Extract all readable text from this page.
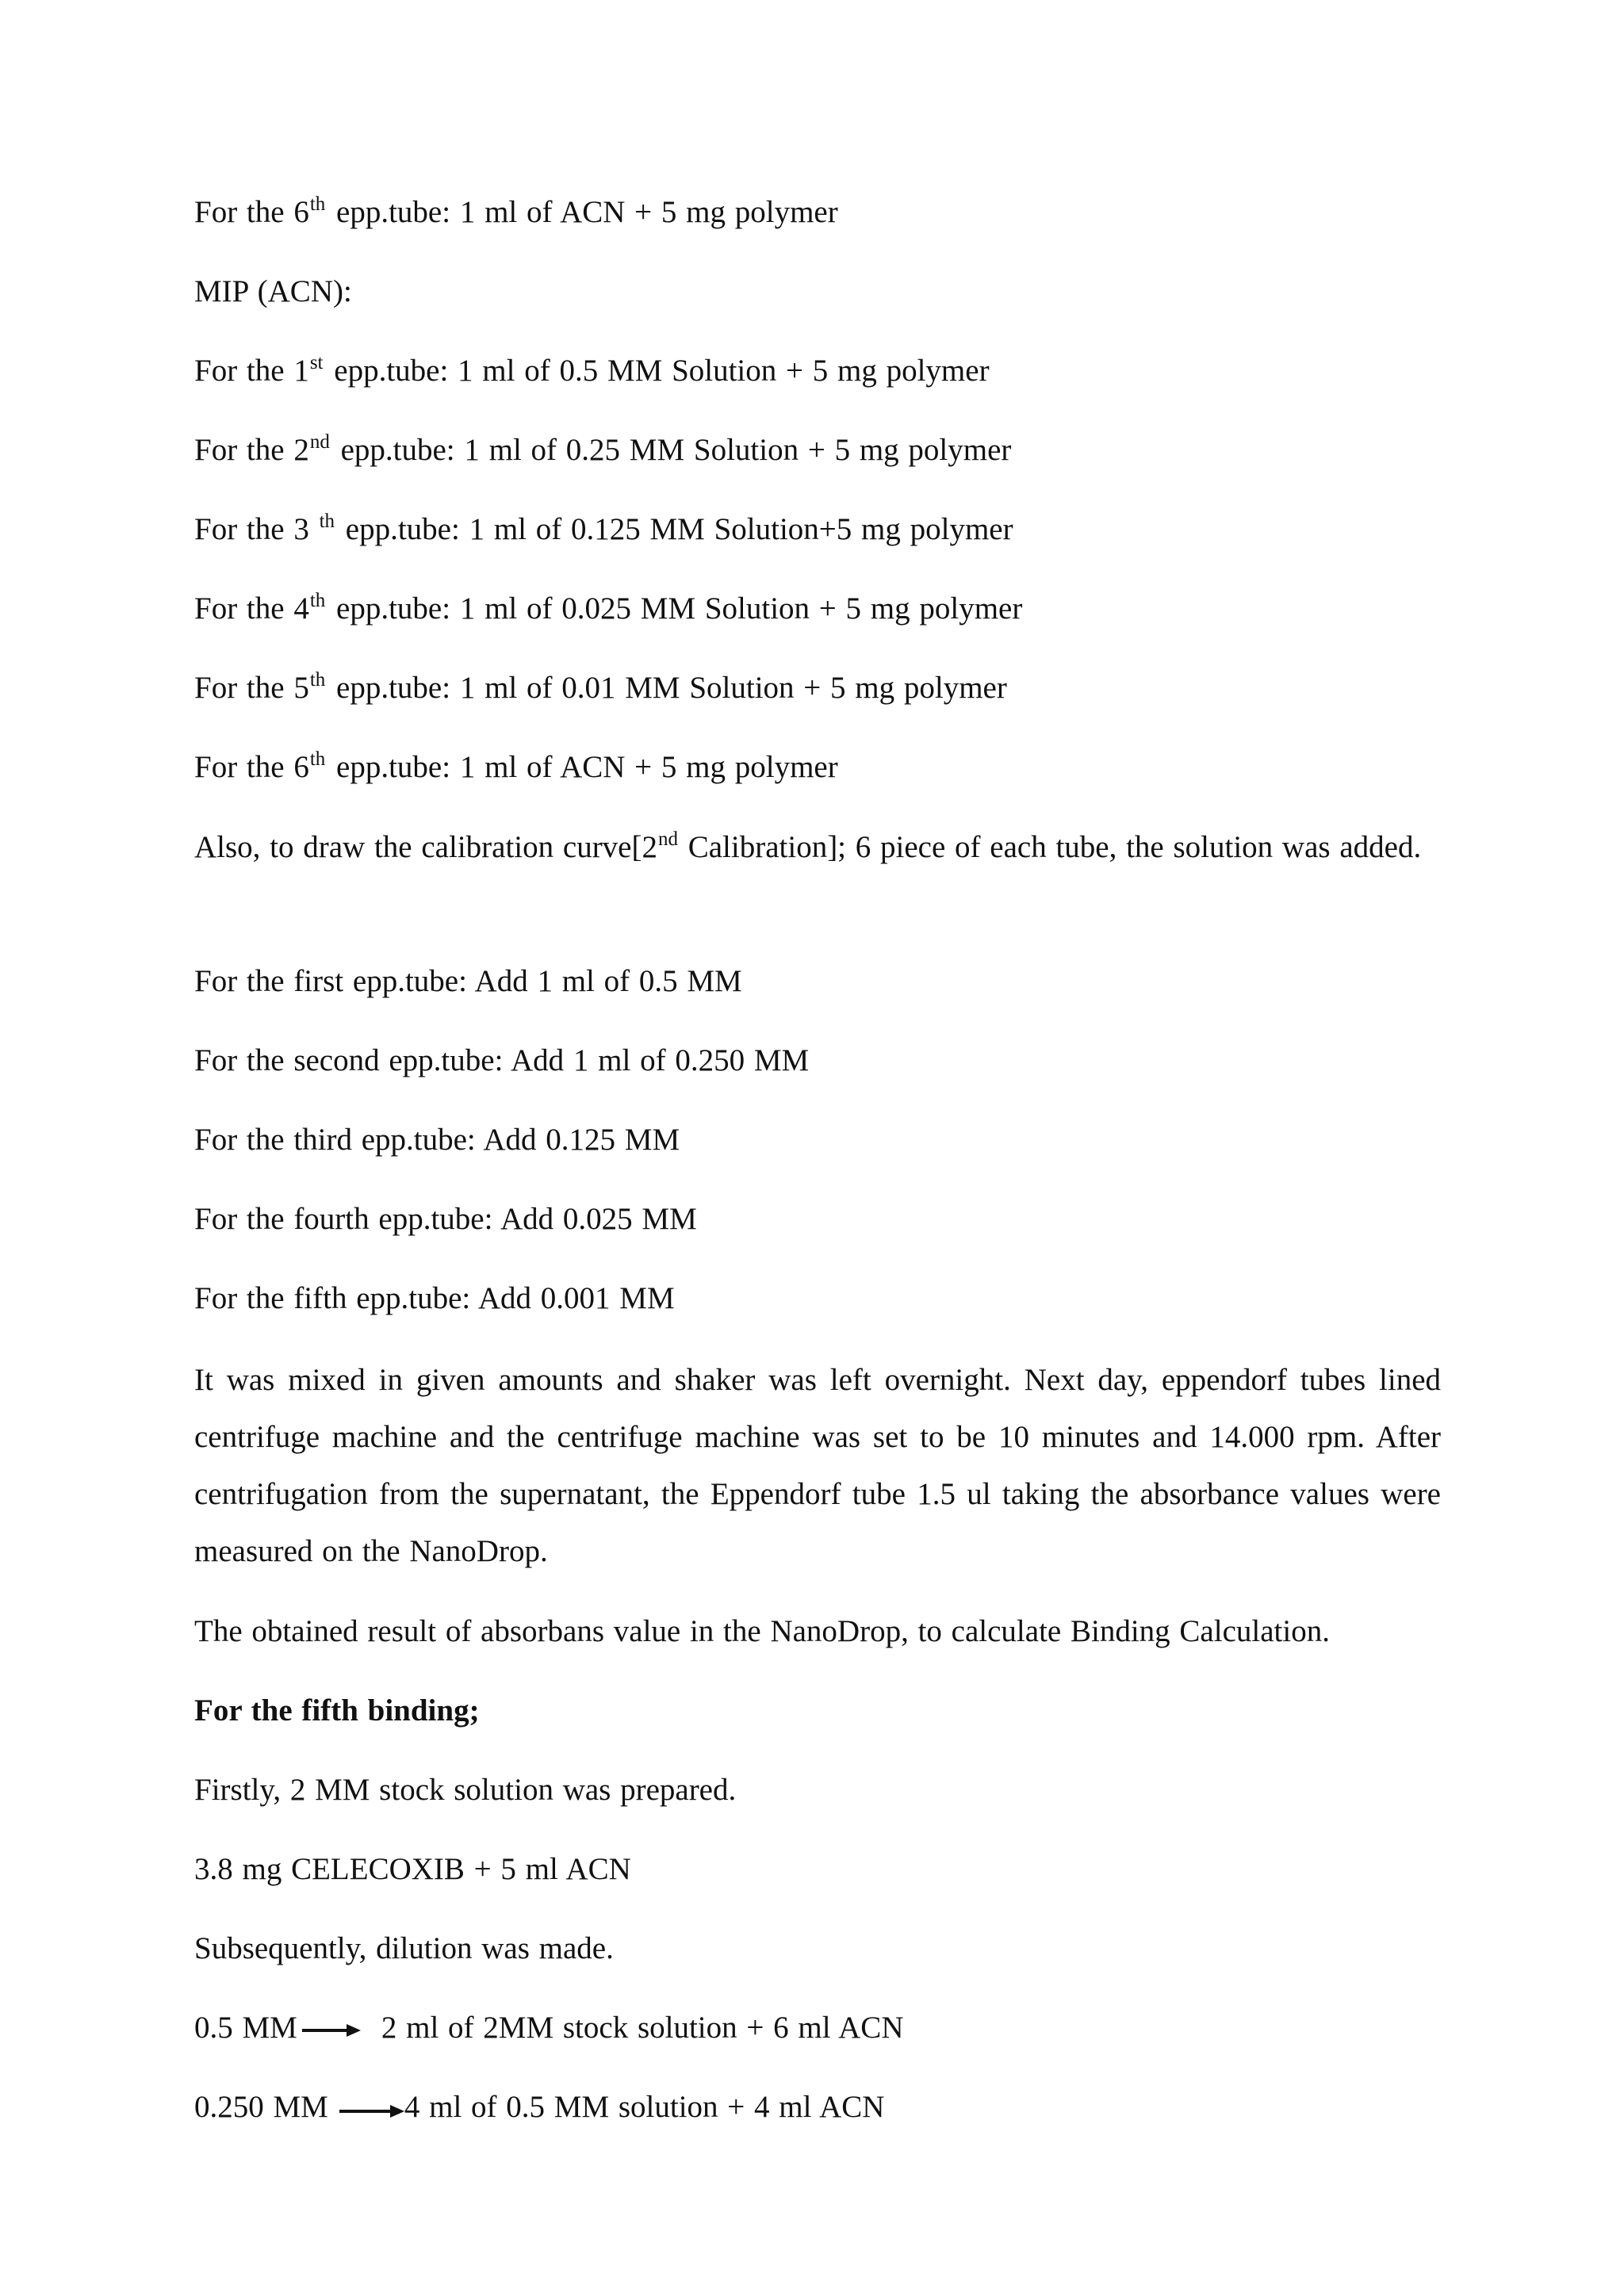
For the 6th epp.tube: 1 ml of ACN + 5 mg polymer
MIP (ACN):
For the 1st epp.tube: 1 ml of 0.5 MM Solution + 5 mg polymer
For the 2nd epp.tube: 1 ml of 0.25 MM Solution + 5 mg polymer
For the 3 $^{th}$ epp.tube: 1 ml of 0.125 MM Solution+5 mg polymer
For the 4th epp.tube: 1 ml of 0.025 MM Solution + 5 mg polymer
For the 5th epp.tube: 1 ml of 0.01 MM Solution + 5 mg polymer
For the 6th epp.tube: 1 ml of ACN + 5 mg polymer
Also, to draw the calibration curve[2nd Calibration]; 6 piece of each tube, the solution was added.
For the first epp.tube: Add 1 ml of 0.5 MM
For the second epp.tube: Add 1 ml of 0.250 MM
For the third epp.tube: Add 0.125 MM
For the fourth epp.tube: Add 0.025 MM
For the fifth epp.tube: Add 0.001 MM
It was mixed in given amounts and shaker was left overnight. Next day, eppendorf tubes lined centrifuge machine and the centrifuge machine was set to be 10 minutes and 14.000 rpm. After centrifugation from the supernatant, the Eppendorf tube 1.5 ul taking the absorbance values were measured on the NanoDrop.
The obtained result of absorbans value in the NanoDrop, to calculate Binding Calculation.
For the fifth binding;
Firstly, 2 MM stock solution was prepared.
3.8 mg CELECOXIB + 5 ml ACN
Subsequently, dilution was made.
0.5 MM	2 ml of 2MM stock solution + 6 ml ACN
0.250 MM 4 ml of 0.5 MM solution + 4 ml ACN
